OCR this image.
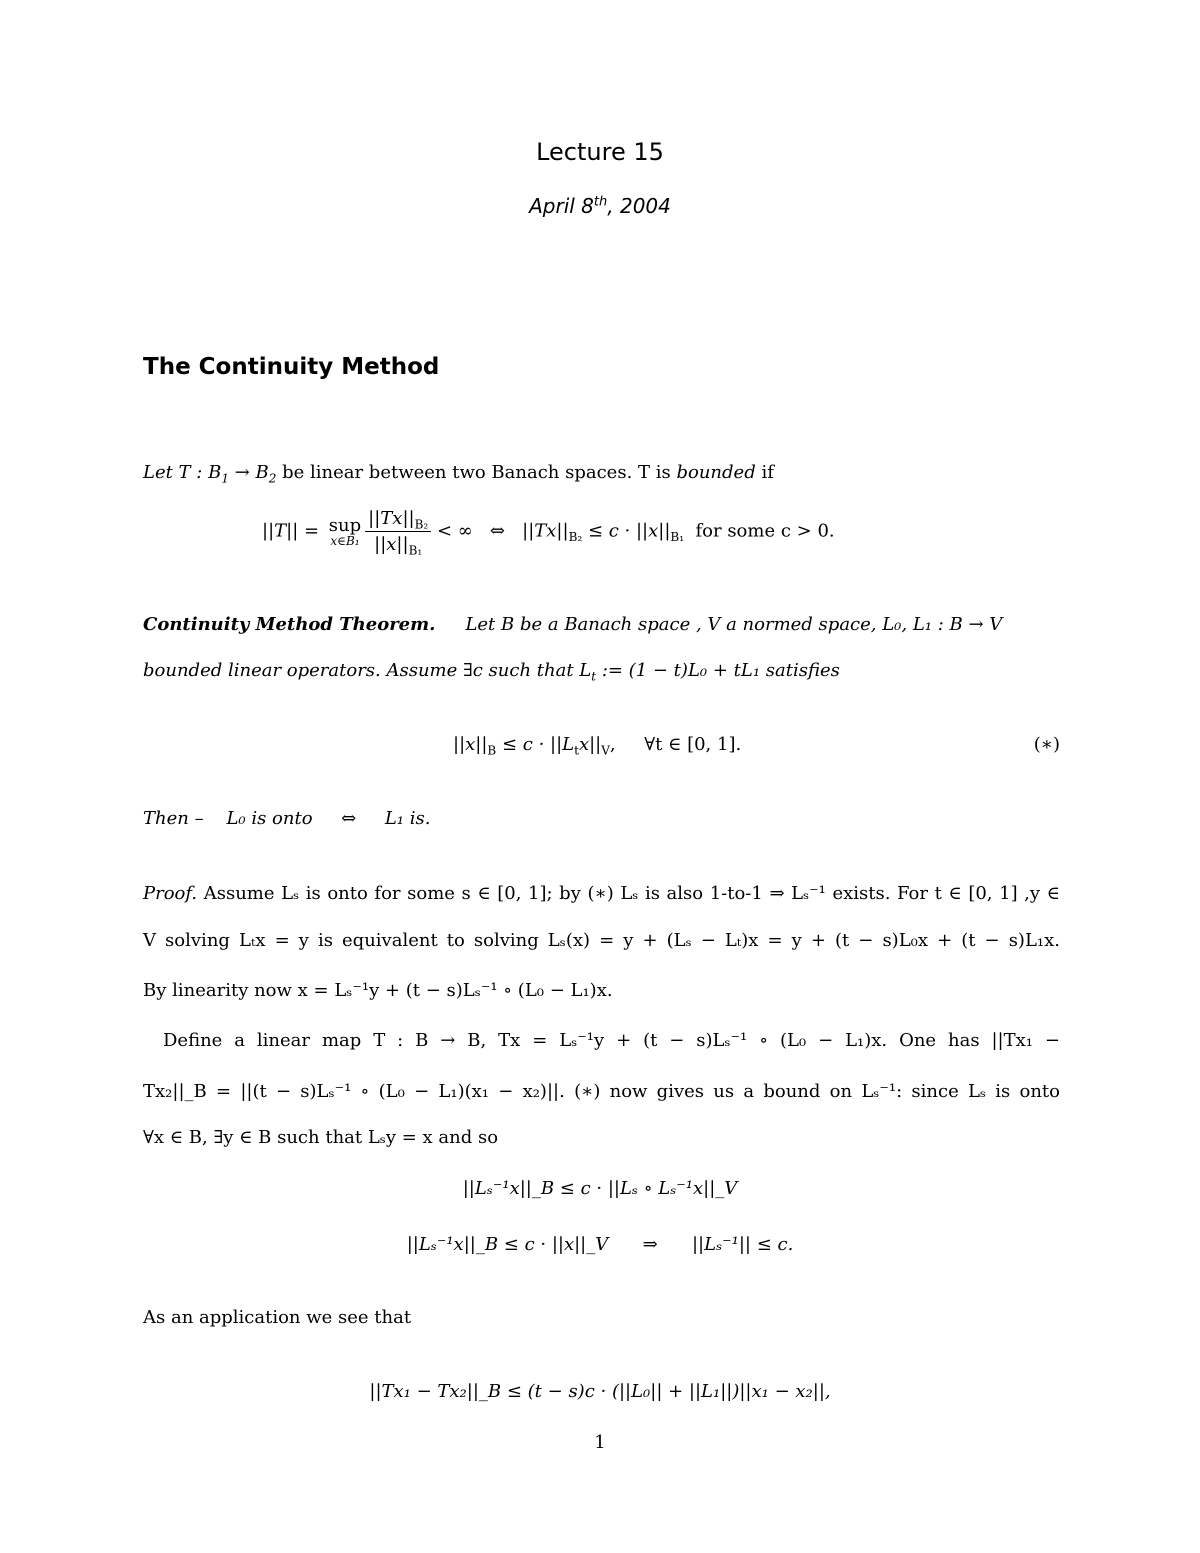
Lecture 15
April 8th, 2004
The Continuity Method
Let T : $B_1 \to B_2$ be linear between two Banach spaces. T is bounded if
||T|| = sup
x∈B₁ $\frac{||Tx||_{B_2}}{||x||_{B_1}}$ < ∞   ⇔   $||Tx||_{B_2} \le c \cdot ||x||_{B_1}$  for some c > 0.
Continuity Method Theorem. Let B be a Banach space , V a normed space, L₀, L₁ : B → V
bounded linear operators. Assume ∃c such that $L_t$ := (1 − t)L₀ + tL₁ satisfies
$||x||_B \le c \cdot ||L_tx||_V$,     ∀t ∈ [0, 1].	(∗)
Then –    L₀ is onto     ⇔     L₁ is.
Proof. Assume Lₛ is onto for some s ∈ [0, 1]; by (∗) Lₛ is also 1-to-1 ⇒ Lₛ⁻¹ exists. For t ∈ [0, 1] ,y ∈
V solving Lₜx = y is equivalent to solving Lₛ(x) = y + (Lₛ − Lₜ)x = y + (t − s)L₀x + (t − s)L₁x.
By linearity now x = Lₛ⁻¹y + (t − s)Lₛ⁻¹ ∘ (L₀ − L₁)x.
Define a linear map T : B → B, Tx = Lₛ⁻¹y + (t − s)Lₛ⁻¹ ∘ (L₀ − L₁)x. One has ||Tx₁ −
Tx₂||_B = ||(t − s)Lₛ⁻¹ ∘ (L₀ − L₁)(x₁ − x₂)||. (∗) now gives us a bound on Lₛ⁻¹: since Lₛ is onto
∀x ∈ B, ∃y ∈ B such that Lₛy = x and so
||Lₛ⁻¹x||_B ≤ c · ||Lₛ ∘ Lₛ⁻¹x||_V
||Lₛ⁻¹x||_B ≤ c · ||x||_V      ⇒      ||Lₛ⁻¹|| ≤ c.
As an application we see that
||Tx₁ − Tx₂||_B ≤ (t − s)c · (||L₀|| + ||L₁||)||x₁ − x₂||,
1
